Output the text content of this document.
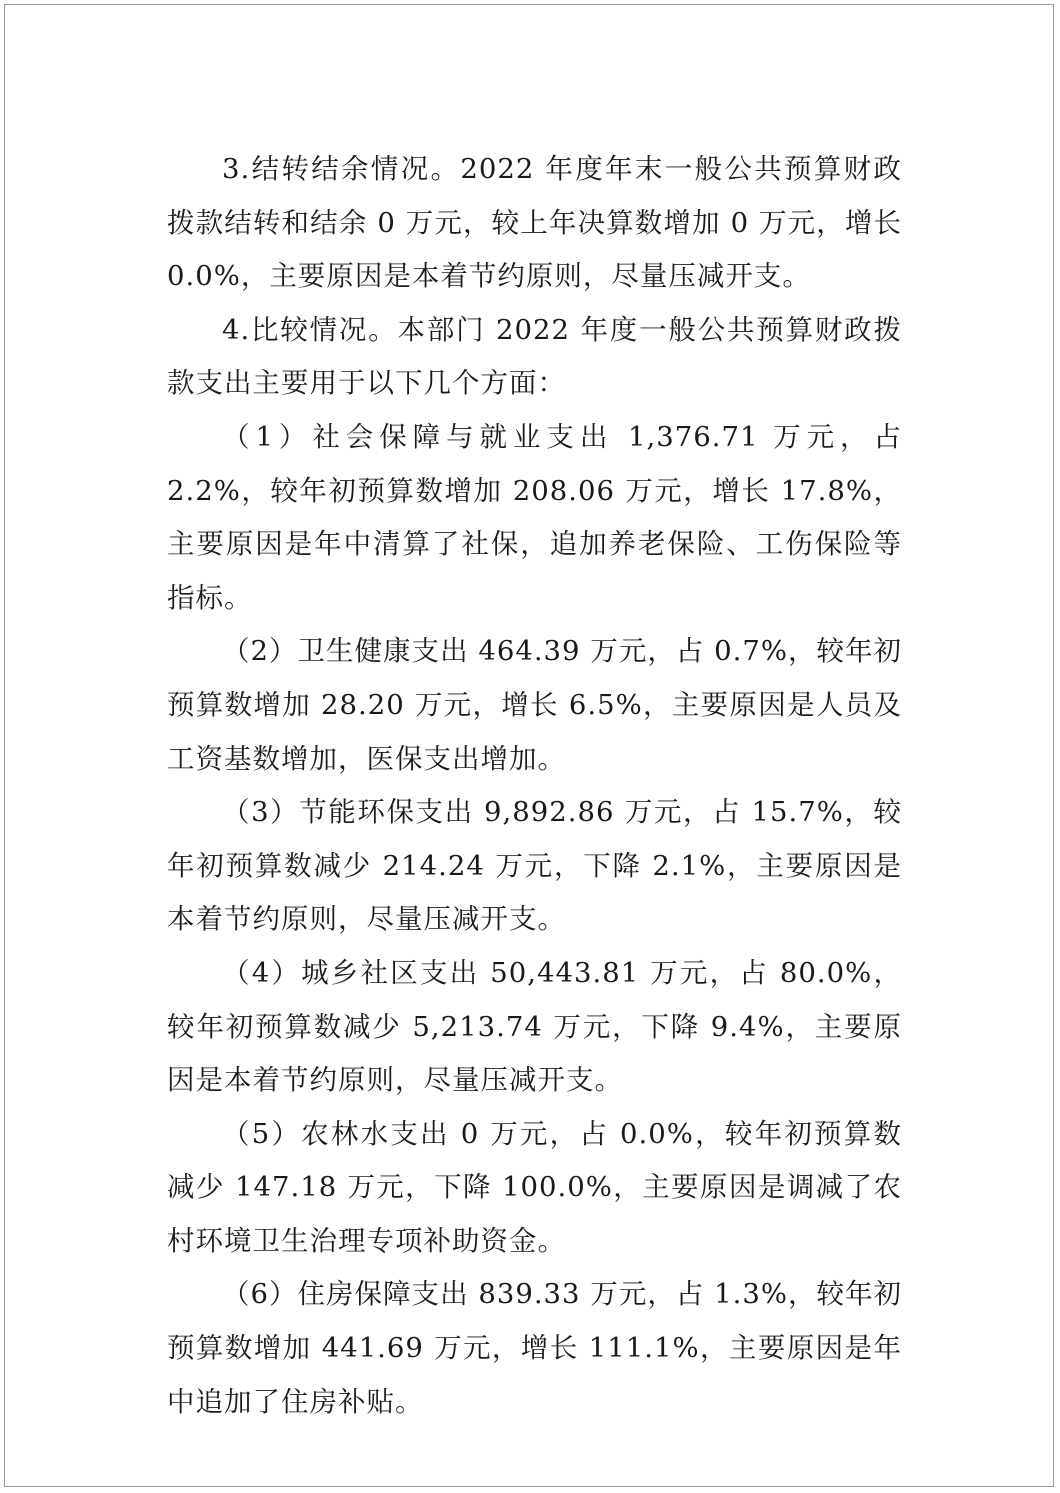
3.结转结余情况。2022 年度年末一般公共预算财政拨款结转和结余 0 万元，较上年决算数增加 0 万元，增长 0.0%，主要原因是本着节约原则，尽量压减开支。

4.比较情况。本部门 2022 年度一般公共预算财政拨款支出主要用于以下几个方面：

（1）社会保障与就业支出 1,376.71 万元，占 2.2%，较年初预算数增加 208.06 万元，增长 17.8%，主要原因是年中清算了社保，追加养老保险、工伤保险等指标。

（2）卫生健康支出 464.39 万元，占 0.7%，较年初预算数增加 28.20 万元，增长 6.5%，主要原因是人员及工资基数增加，医保支出增加。

（3）节能环保支出 9,892.86 万元，占 15.7%，较年初预算数减少 214.24 万元，下降 2.1%，主要原因是本着节约原则，尽量压减开支。

（4）城乡社区支出 50,443.81 万元，占 80.0%，较年初预算数减少 5,213.74 万元，下降 9.4%，主要原因是本着节约原则，尽量压减开支。

（5）农林水支出 0 万元，占 0.0%，较年初预算数减少 147.18 万元，下降 100.0%，主要原因是调减了农村环境卫生治理专项补助资金。

（6）住房保障支出 839.33 万元，占 1.3%，较年初预算数增加 441.69 万元，增长 111.1%，主要原因是年中追加了住房补贴。
